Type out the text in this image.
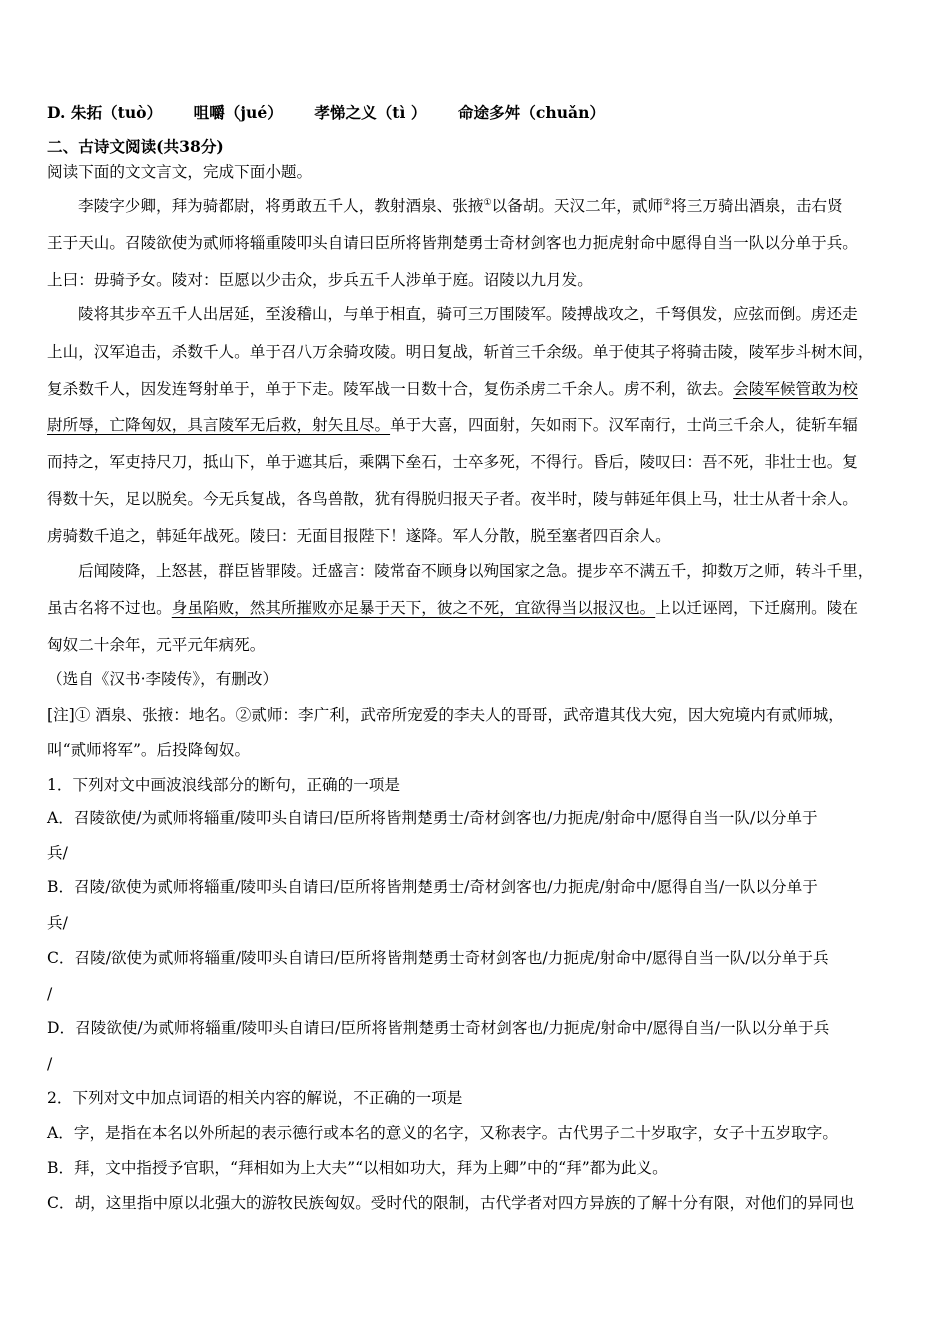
D. 朱拓（tuò） 咀嚼（jué） 孝悌之义（tì ） 命途多舛（chuǎn）
二、古诗文阅读(共38分)
阅读下面的文文言文，完成下面小题。
李陵字少卿，拜为骑都尉，将勇敢五千人，教射酒泉、张掖①以备胡。天汉二年，贰师②将三万骑出酒泉，击右贤
王于天山。召陵欲使为贰师将辎重陵叩头自请曰臣所将皆荆楚勇士奇材剑客也力扼虎射命中愿得自当一队以分单于兵。
上曰：毋骑予女。陵对：臣愿以少击众，步兵五千人涉单于庭。诏陵以九月发。
陵将其步卒五千人出居延，至浚稽山，与单于相直，骑可三万围陵军。陵搏战攻之，千弩俱发，应弦而倒。虏还走
上山，汉军追击，杀数千人。单于召八万余骑攻陵。明日复战，斩首三千余级。单于使其子将骑击陵，陵军步斗树木间，
复杀数千人，因发连弩射单于，单于下走。陵军战一日数十合，复伤杀虏二千余人。虏不利，欲去。会陵军候管敢为校
尉所辱，亡降匈奴，具言陵军无后救，射矢且尽。单于大喜，四面射，矢如雨下。汉军南行，士尚三千余人，徒斩车辐
而持之，军吏持尺刀，抵山下，单于遮其后，乘隅下垒石，士卒多死，不得行。昏后，陵叹曰：吾不死，非壮士也。复
得数十矢，足以脱矣。今无兵复战，各鸟兽散，犹有得脱归报天子者。夜半时，陵与韩延年俱上马，壮士从者十余人。
虏骑数千追之，韩延年战死。陵曰：无面目报陛下！遂降。军人分散，脱至塞者四百余人。
后闻陵降，上怒甚，群臣皆罪陵。迁盛言：陵常奋不顾身以殉国家之急。提步卒不满五千，抑数万之师，转斗千里，
虽古名将不过也。身虽陷败，然其所摧败亦足暴于天下，彼之不死，宜欲得当以报汉也。上以迁诬罔，下迁腐刑。陵在
匈奴二十余年，元平元年病死。
（选自《汉书·李陵传》，有删改）
[注]① 酒泉、张掖：地名。②贰师：李广利，武帝所宠爱的李夫人的哥哥，武帝遣其伐大宛，因大宛境内有贰师城，
叫“贰师将军”。后投降匈奴。
1．下列对文中画波浪线部分的断句，正确的一项是
A．召陵欲使/为贰师将辎重/陵叩头自请曰/臣所将皆荆楚勇士/奇材剑客也/力扼虎/射命中/愿得自当一队/以分单于
兵/
B．召陵/欲使为贰师将辎重/陵叩头自请曰/臣所将皆荆楚勇士/奇材剑客也/力扼虎/射命中/愿得自当/一队以分单于
兵/
C．召陵/欲使为贰师将辎重/陵叩头自请曰/臣所将皆荆楚勇士奇材剑客也/力扼虎/射命中/愿得自当一队/以分单于兵
/
D．召陵欲使/为贰师将辎重/陵叩头自请曰/臣所将皆荆楚勇士奇材剑客也/力扼虎/射命中/愿得自当/一队以分单于兵
/
2．下列对文中加点词语的相关内容的解说，不正确的一项是
A．字，是指在本名以外所起的表示德行或本名的意义的名字，又称表字。古代男子二十岁取字，女子十五岁取字。
B．拜，文中指授予官职，“拜相如为上大夫”“以相如功大，拜为上卿”中的“拜”都为此义。
C．胡，这里指中原以北强大的游牧民族匈奴。受时代的限制，古代学者对四方异族的了解十分有限，对他们的异同也
